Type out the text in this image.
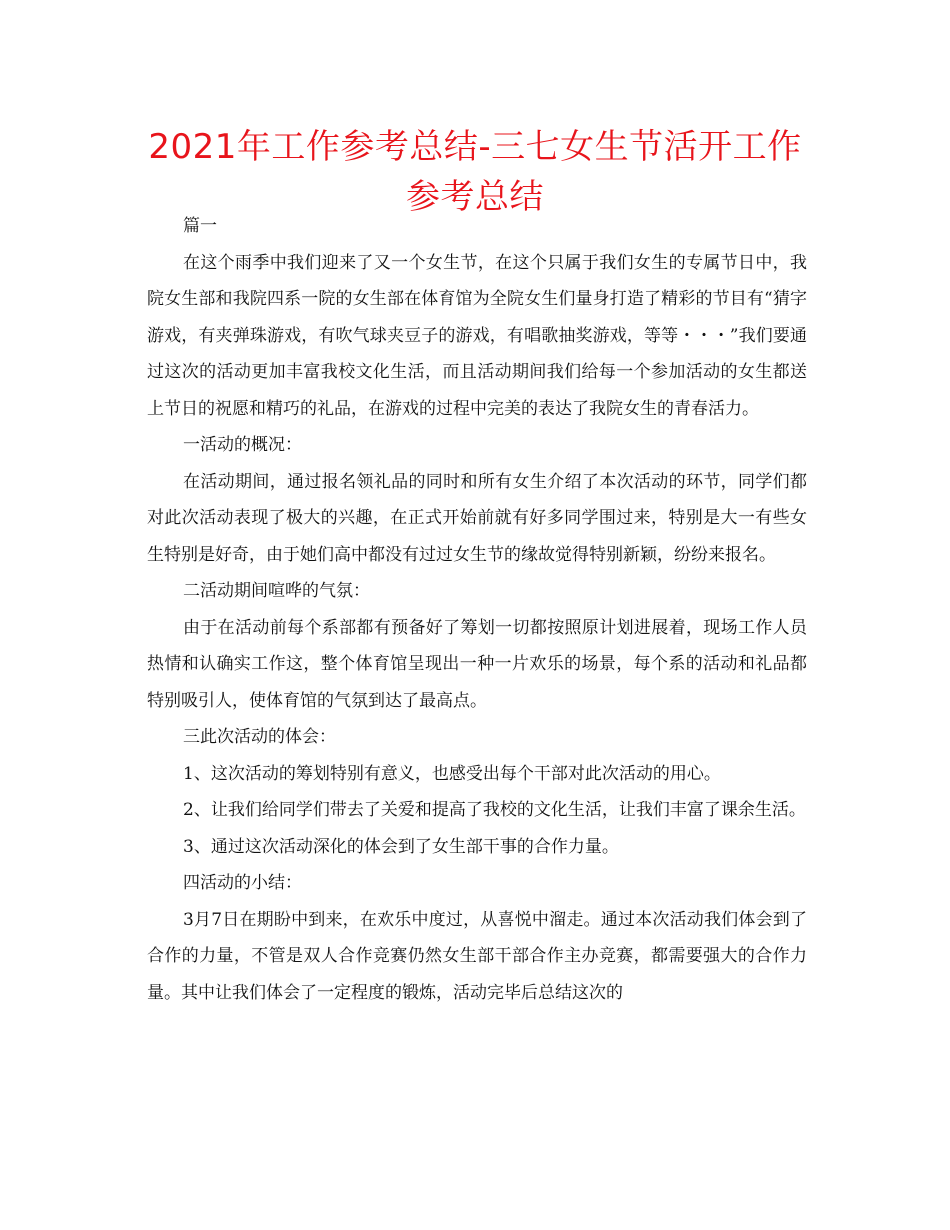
2021年工作参考总结-三七女生节活开工作参考总结

篇一

在这个雨季中我们迎来了又一个女生节，在这个只属于我们女生的专属节日中，我院女生部和我院四系一院的女生部在体育馆为全院女生们量身打造了精彩的节目有“猜字游戏，有夹弹珠游戏，有吹气球夹豆子的游戏，有唱歌抽奖游戏，等等・・・”我们要通过这次的活动更加丰富我校文化生活，而且活动期间我们给每一个参加活动的女生都送上节日的祝愿和精巧的礼品，在游戏的过程中完美的表达了我院女生的青春活力。

一活动的概况：

在活动期间，通过报名领礼品的同时和所有女生介绍了本次活动的环节，同学们都对此次活动表现了极大的兴趣，在正式开始前就有好多同学围过来，特别是大一有些女生特别是好奇，由于她们高中都没有过过女生节的缘故觉得特别新颖，纷纷来报名。

二活动期间喧哗的气氛：

由于在活动前每个系部都有预备好了筹划一切都按照原计划进展着，现场工作人员热情和认确实工作这，整个体育馆呈现出一种一片欢乐的场景，每个系的活动和礼品都特别吸引人，使体育馆的气氛到达了最高点。

三此次活动的体会：

1、这次活动的筹划特别有意义，也感受出每个干部对此次活动的用心。

2、让我们给同学们带去了关爱和提高了我校的文化生活，让我们丰富了课余生活。

3、通过这次活动深化的体会到了女生部干事的合作力量。

四活动的小结：

3月7日在期盼中到来，在欢乐中度过，从喜悦中溜走。通过本次活动我们体会到了合作的力量，不管是双人合作竞赛仍然女生部干部合作主办竞赛，都需要强大的合作力量。其中让我们体会了一定程度的锻炼，活动完毕后总结这次的
